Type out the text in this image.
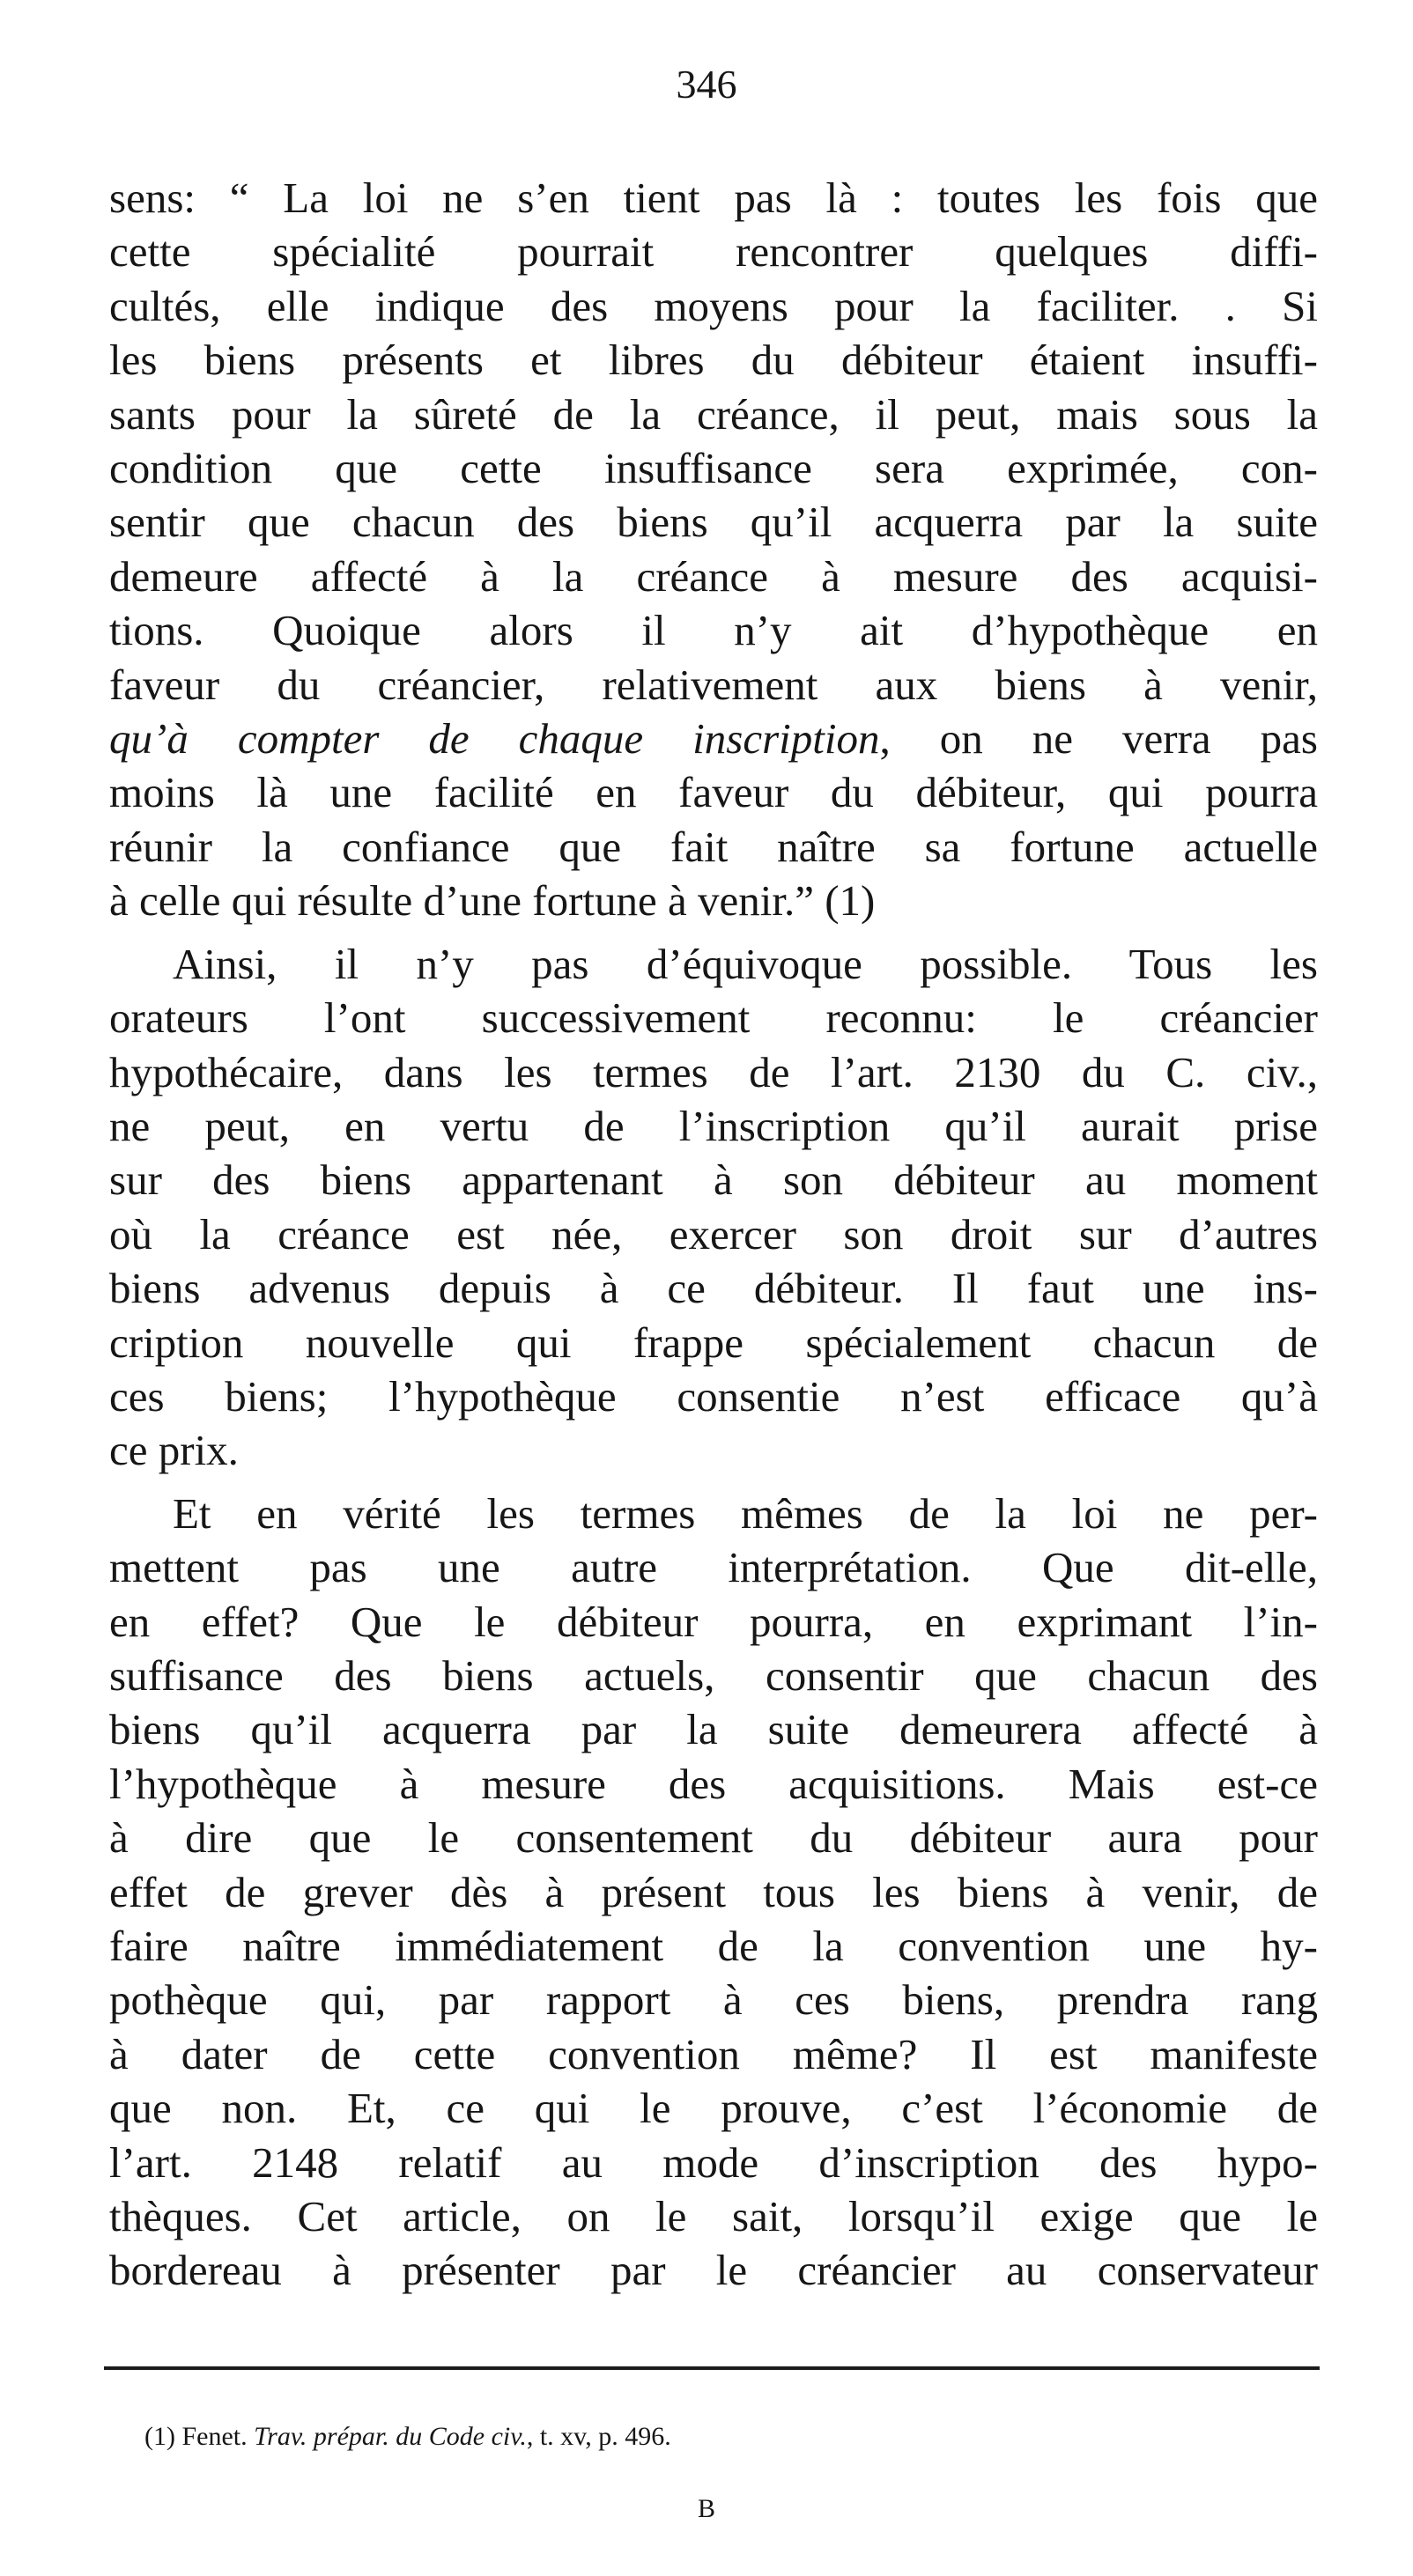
346
sens: “ La loi ne s’en tient pas là : toutes les fois que
cette spécialité pourrait rencontrer quelques diffi-
cultés, elle indique des moyens pour la faciliter. . Si
les biens présents et libres du débiteur étaient insuffi-
sants pour la sûreté de la créance, il peut, mais sous la
condition que cette insuffisance sera exprimée, con-
sentir que chacun des biens qu’il acquerra par la suite
demeure affecté à la créance à mesure des acquisi-
tions. Quoique alors il n’y ait d’hypothèque en
faveur du créancier, relativement aux biens à venir,
qu’à compter de chaque inscription, on ne verra pas
moins là une facilité en faveur du débiteur, qui pourra
réunir la confiance que fait naître sa fortune actuelle
à celle qui résulte d’une fortune à venir.” (1)
Ainsi, il n’y pas d’équivoque possible. Tous les
orateurs l’ont successivement reconnu: le créancier
hypothécaire, dans les termes de l’art. 2130 du C. civ.,
ne peut, en vertu de l’inscription qu’il aurait prise
sur des biens appartenant à son débiteur au moment
où la créance est née, exercer son droit sur d’autres
biens advenus depuis à ce débiteur. Il faut une ins-
cription nouvelle qui frappe spécialement chacun de
ces biens; l’hypothèque consentie n’est efficace qu’à
ce prix.
Et en vérité les termes mêmes de la loi ne per-
mettent pas une autre interprétation. Que dit-elle,
en effet? Que le débiteur pourra, en exprimant l’in-
suffisance des biens actuels, consentir que chacun des
biens qu’il acquerra par la suite demeurera affecté à
l’hypothèque à mesure des acquisitions. Mais est-ce
à dire que le consentement du débiteur aura pour
effet de grever dès à présent tous les biens à venir, de
faire naître immédiatement de la convention une hy-
pothèque qui, par rapport à ces biens, prendra rang
à dater de cette convention même? Il est manifeste
que non. Et, ce qui le prouve, c’est l’économie de
l’art. 2148 relatif au mode d’inscription des hypo-
thèques. Cet article, on le sait, lorsqu’il exige que le
bordereau à présenter par le créancier au conservateur
(1) Fenet. Trav. prépar. du Code civ., t. xv, p. 496.
B
